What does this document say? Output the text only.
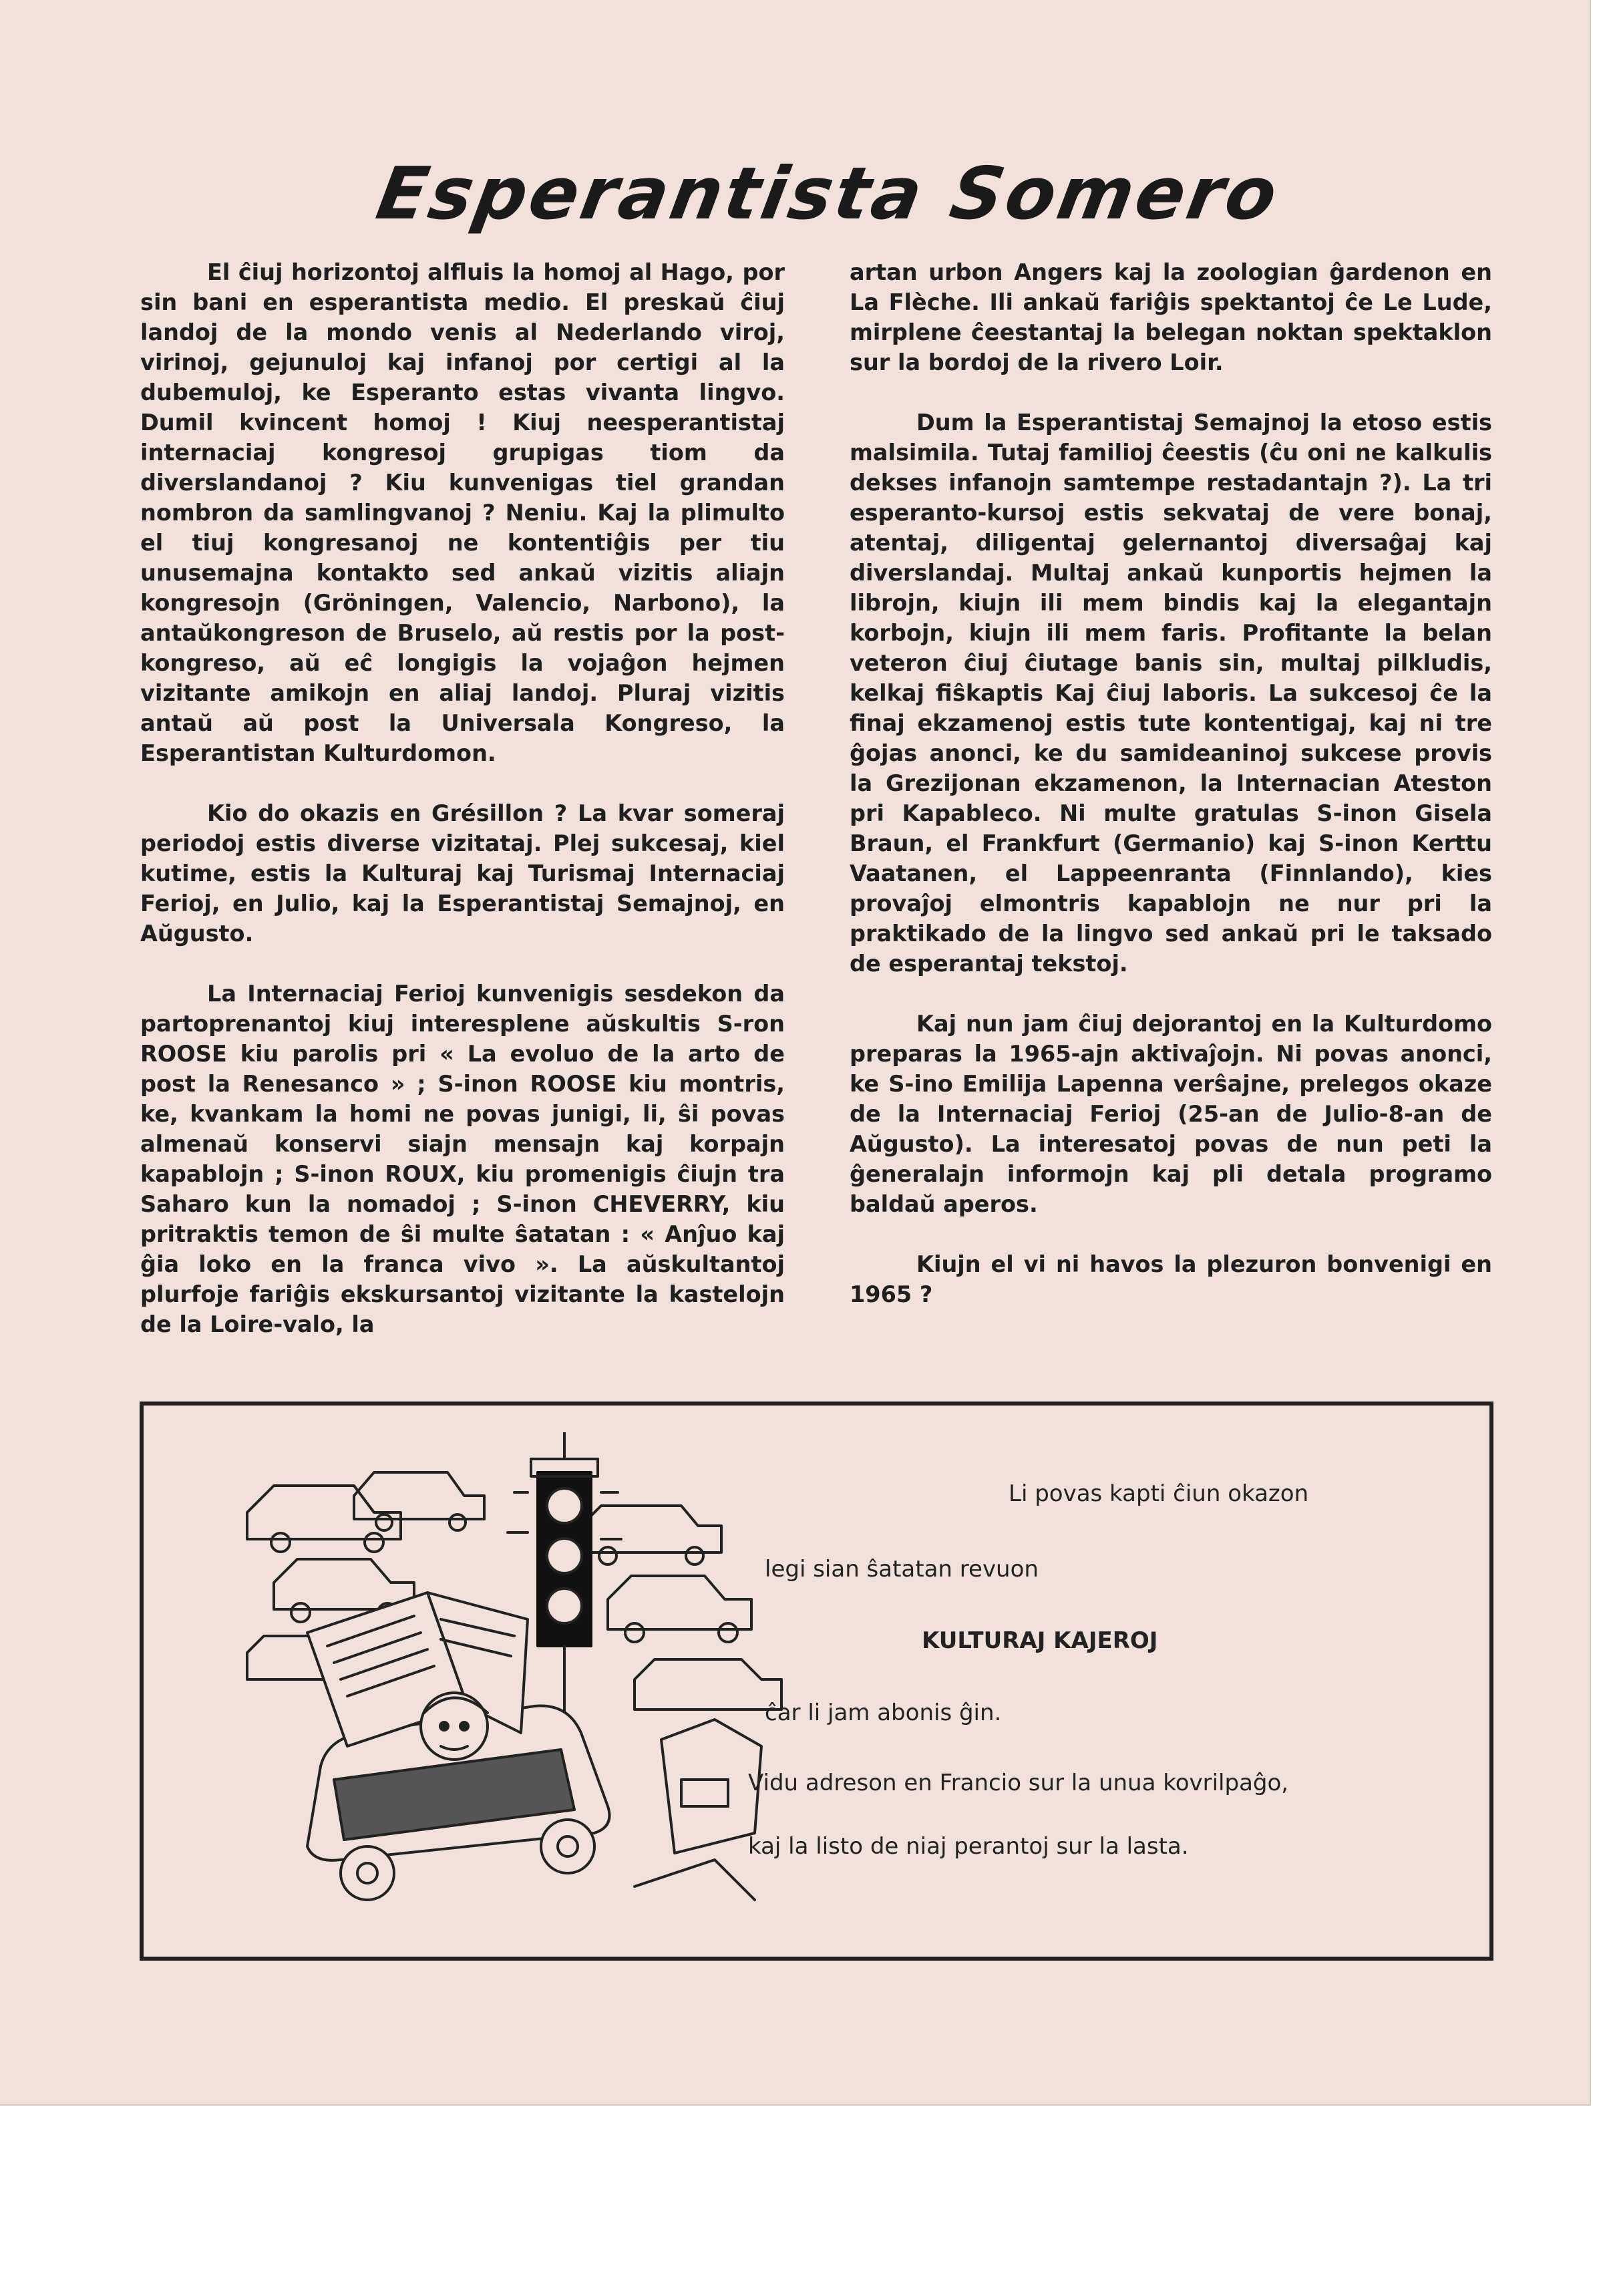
Esperantista Somero

El ĉiuj horizontoj alfluis la homoj al Hago, por sin bani en esperantista medio. El preskaŭ ĉiuj landoj de la mondo venis al Nederlando viroj, virinoj, gejunuloj kaj infanoj por certigi al la dubemuloj, ke Esperanto estas vivanta lingvo. Dumil kvincent homoj ! Kiuj neesperantistaj internaciaj kongresoj grupigas tiom da diverslandanoj ? Kiu kunvenigas tiel grandan nombron da samlingvanoj ? Neniu. Kaj la plimulto el tiuj kongresanoj ne kontentiĝis per tiu unusemajna kontakto sed ankaŭ vizitis aliajn kongresojn (Gröningen, Valencio, Narbono), la antaŭkongreson de Bruselo, aŭ restis por la post-kongreso, aŭ eĉ longigis la vojaĝon hejmen vizitante amikojn en aliaj landoj. Pluraj vizitis antaŭ aŭ post la Universala Kongreso, la Esperantistan Kulturdomon.

Kio do okazis en Grésillon ? La kvar someraj periodoj estis diverse vizitataj. Plej sukcesaj, kiel kutime, estis la Kulturaj kaj Turismaj Internaciaj Ferioj, en Julio, kaj la Esperantistaj Semajnoj, en Aŭgusto.

La Internaciaj Ferioj kunvenigis sesdekon da partoprenantoj kiuj interesplene aŭskultis S-ron ROOSE kiu parolis pri « La evoluo de la arto de post la Renesanco » ; S-inon ROOSE kiu montris, ke, kvankam la homi ne povas junigi, li, ŝi povas almenaŭ konservi siajn mensajn kaj korpajn kapablojn ; S-inon ROUX, kiu promenigis ĉiujn tra Saharo kun la nomadoj ; S-inon CHEVERRY, kiu pritraktis temon de ŝi multe ŝatatan : « Anĵuo kaj ĝia loko en la franca vivo ». La aŭskultantoj plurfoje fariĝis ekskursantoj vizitante la kastelojn de la Loire-valo, la

artan urbon Angers kaj la zoologian ĝardenon en La Flèche. Ili ankaŭ fariĝis spektantoj ĉe Le Lude, mirplene ĉeestantaj la belegan noktan spektaklon sur la bordoj de la rivero Loir.

Dum la Esperantistaj Semajnoj la etoso estis malsimila. Tutaj familioj ĉeestis (ĉu oni ne kalkulis dekses infanojn samtempe restadantajn ?). La tri esperanto-kursoj estis sekvataj de vere bonaj, atentaj, diligentaj gelernantoj diversaĝaj kaj diverslandaj. Multaj ankaŭ kunportis hejmen la librojn, kiujn ili mem bindis kaj la elegantajn korbojn, kiujn ili mem faris. Profitante la belan veteron ĉiuj ĉiutage banis sin, multaj pilkludis, kelkaj fiŝkaptis Kaj ĉiuj laboris. La sukcesoj ĉe la finaj ekzamenoj estis tute kontentigaj, kaj ni tre ĝojas anonci, ke du samideaninoj sukcese provis la Grezijonan ekzamenon, la Internacian Ateston pri Kapableco. Ni multe gratulas S-inon Gisela Braun, el Frankfurt (Germanio) kaj S-inon Kerttu Vaatanen, el Lappeenranta (Finnlando), kies provaĵoj elmontris kapablojn ne nur pri la praktikado de la lingvo sed ankaŭ pri le taksado de esperantaj tekstoj.

Kaj nun jam ĉiuj dejorantoj en la Kulturdomo preparas la 1965-ajn aktivaĵojn. Ni povas anonci, ke S-ino Emilija Lapenna verŝajne, prelegos okaze de la Internaciaj Ferioj (25-an de Julio-8-an de Aŭgusto). La interesatoj povas de nun peti la ĝeneralajn informojn kaj pli detala programo baldaŭ aperos.

Kiujn el vi ni havos la plezuron bonvenigi en 1965 ?

Li povas kapti ĉiun okazon
legi sian ŝatatan revuon
KULTURAJ KAJEROJ
ĉar li jam abonis ĝin.
Vidu adreson en Francio sur la unua kovrilpaĝo,
kaj la listo de niaj perantoj sur la lasta.
